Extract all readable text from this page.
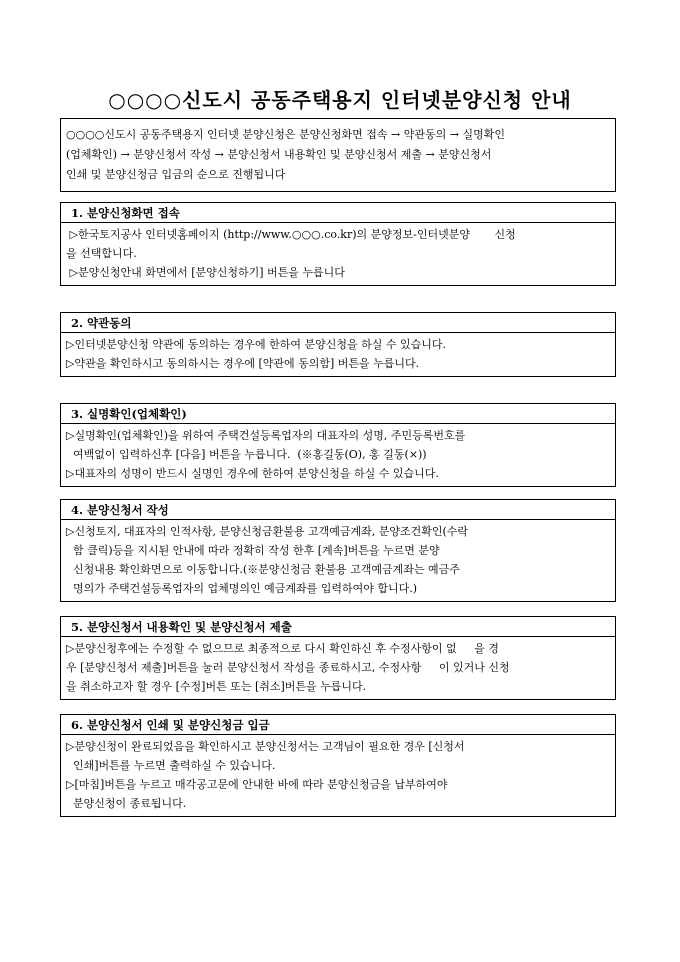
○○○○신도시 공동주택용지 인터넷분양신청 안내
○○○○신도시 공동주택용지 인터넷 분양신청은 분양신청화면 접속 → 약관동의 → 실명확인
(업체확인) → 분양신청서 작성 → 분양신청서 내용확인 및 분양신청서 제출 → 분양신청서
인쇄 및 분양신청금 입금의 순으로 진행됩니다
1. 분양신청화면 접속
▷한국토지공사 인터넷홈페이지 (http://www.○○○.co.kr)의 분양정보-인터넷분양       신청
을 선택합니다.
▷분양신청안내 화면에서 [분양신청하기] 버튼을 누릅니다
2. 약관동의
▷인터넷분양신청 약관에 동의하는 경우에 한하여 분양신청을 하실 수 있습니다.
▷약관을 확인하시고 동의하시는 경우에 [약관에 동의함] 버튼을 누릅니다.
3. 실명확인(업체확인)
▷실명확인(업체확인)을 위하여 주택건설등록업자의 대표자의 성명, 주민등록번호를
여백없이 입력하신후 [다음] 버튼을 누릅니다.  (※홍길동(O), 홍 길동(×))
▷대표자의 성명이 반드시 실명인 경우에 한하여 분양신청을 하실 수 있습니다.
4. 분양신청서 작성
▷신청토지, 대표자의 인적사항, 분양신청금환불용 고객예금계좌, 분양조건확인(수락
함 클릭)등을 지시된 안내에 따라 정확히 작성 한후 [계속]버튼을 누르면 분양
신청내용 확인화면으로 이동합니다.(※분양신청금 환불용 고객예금계좌는 예금주
명의가 주택건설등록업자의 업체명의인 예금계좌를 입력하여야 합니다.)
5. 분양신청서 내용확인 및 분양신청서 제출
▷분양신청후에는 수정할 수 없으므로 최종적으로 다시 확인하신 후 수정사항이 없     을 경
우 [분양신청서 제출]버튼을 눌러 분양신청서 작성을 종료하시고, 수정사항     이 있거나 신청
을 취소하고자 할 경우 [수정]버튼 또는 [취소]버튼을 누릅니다.
6. 분양신청서 인쇄 및 분양신청금 입금
▷분양신청이 완료되었음을 확인하시고 분양신청서는 고객님이 필요한 경우 [신청서
인쇄]버튼를 누르면 출력하실 수 있습니다.
▷[마침]버튼을 누르고 매각공고문에 안내한 바에 따라 분양신청금을 납부하여야
분양신청이 종료됩니다.
